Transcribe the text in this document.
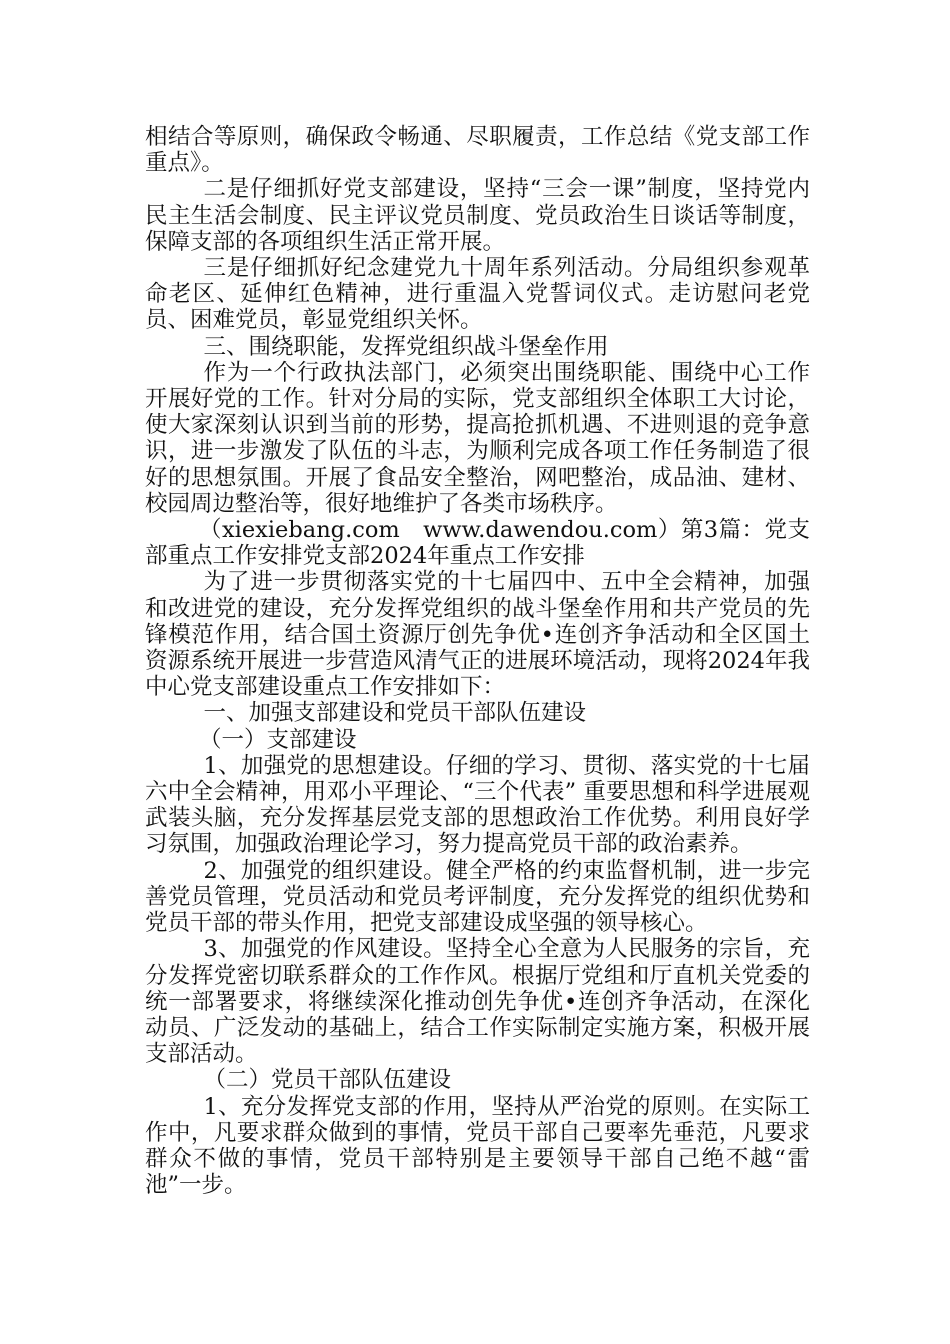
相结合等原则，确保政令畅通、尽职履责，工作总结《党支部工作重点》。

二是仔细抓好党支部建设，坚持“三会一课”制度，坚持党内民主生活会制度、民主评议党员制度、党员政治生日谈话等制度，保障支部的各项组织生活正常开展。

三是仔细抓好纪念建党九十周年系列活动。分局组织参观革命老区、延伸红色精神，进行重温入党誓词仪式。走访慰问老党员、困难党员，彰显党组织关怀。

三、围绕职能，发挥党组织战斗堡垒作用

作为一个行政执法部门，必须突出围绕职能、围绕中心工作开展好党的工作。针对分局的实际，党支部组织全体职工大讨论，使大家深刻认识到当前的形势，提高抢抓机遇、不进则退的竞争意识，进一步激发了队伍的斗志，为顺利完成各项工作任务制造了很好的思想氛围。开展了食品安全整治，网吧整治，成品油、建材、校园周边整治等，很好地维护了各类市场秩序。

（xiexiebang.com　www.dawendou.com）第3篇：党支部重点工作安排党支部2024年重点工作安排

为了进一步贯彻落实党的十七届四中、五中全会精神，加强和改进党的建设，充分发挥党组织的战斗堡垒作用和共产党员的先锋模范作用，结合国土资源厅创先争优•连创齐争活动和全区国土资源系统开展进一步营造风清气正的进展环境活动，现将2024年我中心党支部建设重点工作安排如下：

一、加强支部建设和党员干部队伍建设

（一）支部建设

1、加强党的思想建设。仔细的学习、贯彻、落实党的十七届六中全会精神，用邓小平理论、“三个代表” 重要思想和科学进展观武装头脑，充分发挥基层党支部的思想政治工作优势。利用良好学习氛围，加强政治理论学习，努力提高党员干部的政治素养。

2、加强党的组织建设。健全严格的约束监督机制，进一步完善党员管理，党员活动和党员考评制度，充分发挥党的组织优势和党员干部的带头作用，把党支部建设成坚强的领导核心。

3、加强党的作风建设。坚持全心全意为人民服务的宗旨，充分发挥党密切联系群众的工作作风。根据厅党组和厅直机关党委的统一部署要求，将继续深化推动创先争优•连创齐争活动，在深化动员、广泛发动的基础上，结合工作实际制定实施方案，积极开展支部活动。

（二）党员干部队伍建设

1、充分发挥党支部的作用，坚持从严治党的原则。在实际工作中，凡要求群众做到的事情，党员干部自己要率先垂范，凡要求群众不做的事情，党员干部特别是主要领导干部自己绝不越“雷池”一步。
